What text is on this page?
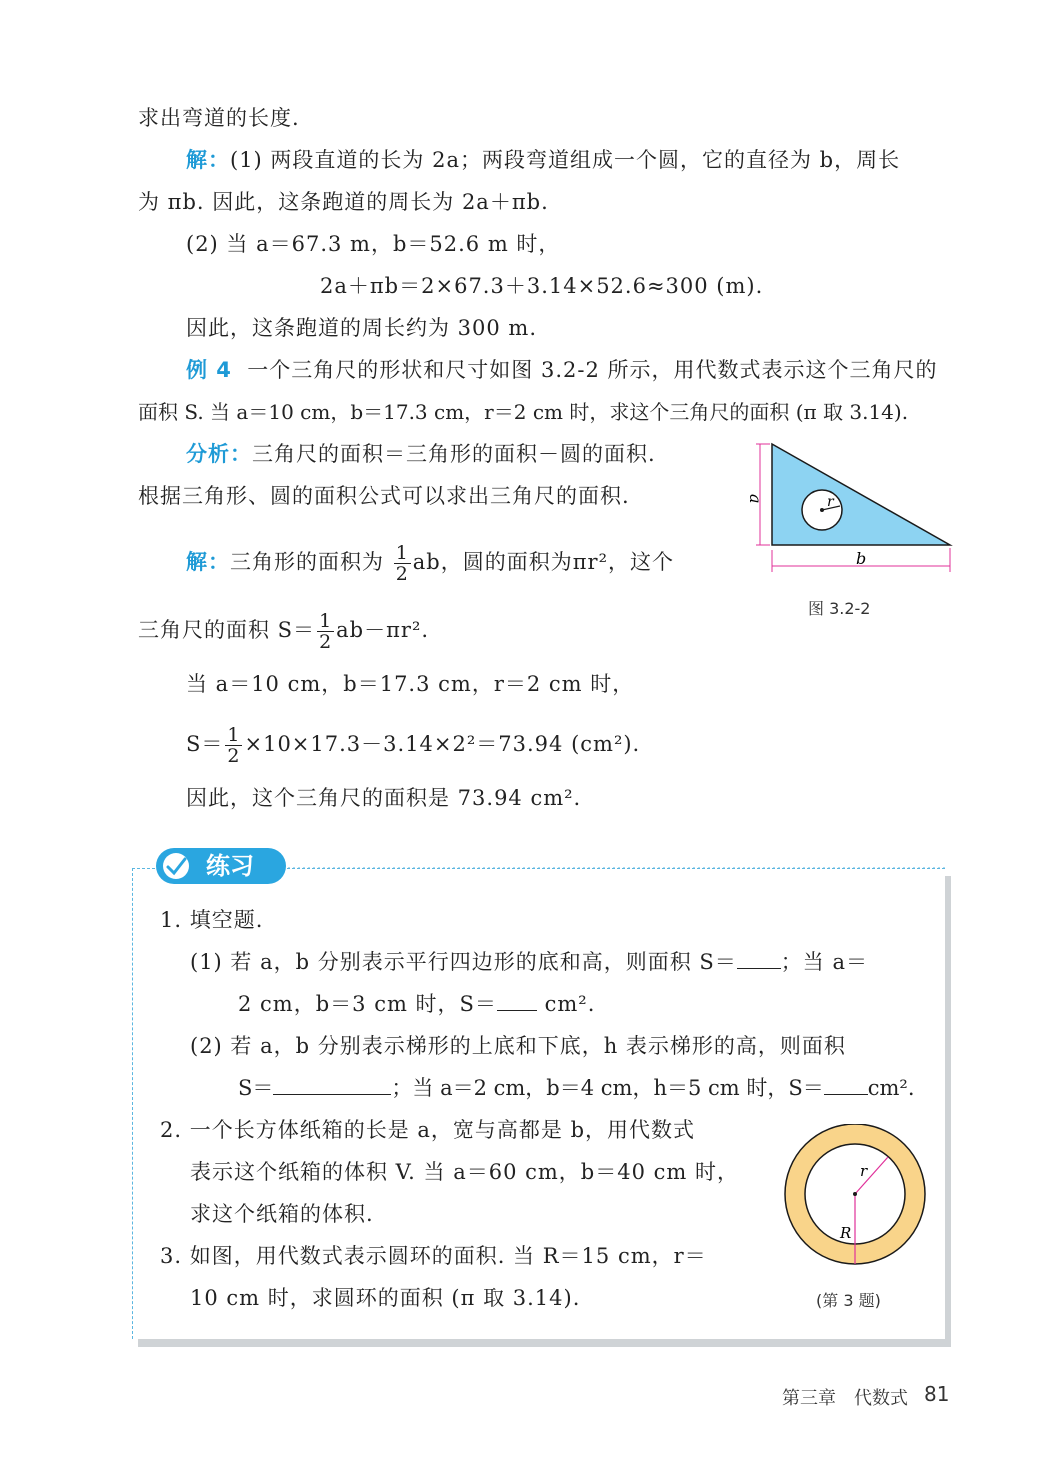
求出弯道的长度.
解：(1) 两段直道的长为 2a；两段弯道组成一个圆，它的直径为 b，周长
为 πb. 因此，这条跑道的周长为 2a＋πb.
(2) 当 a＝67.3 m，b＝52.6 m 时，
2a＋πb＝2×67.3＋3.14×52.6≈300 (m).
因此，这条跑道的周长约为 300 m.
例 4 一个三角尺的形状和尺寸如图 3.2-2 所示，用代数式表示这个三角尺的
面积 S. 当 a＝10 cm，b＝17.3 cm，r＝2 cm 时，求这个三角尺的面积 (π 取 3.14).
分析：三角尺的面积＝三角形的面积－圆的面积.
根据三角形、圆的面积公式可以求出三角尺的面积.
解：三角形的面积为 $\frac{1}{2}$ ab，圆的面积为πr²，这个
三角尺的面积 $S= \frac{1}{2} ab-\pi r^2$.
当 a＝10 cm，b＝17.3 cm，r＝2 cm 时，
$S= \frac{1}{2} \times 10\times 17.3-3.14\times 2^2=73.94$ (cm²).
因此，这个三角尺的面积是 73.94 cm².
a
b
r
图 3.2-2
练习
1. 填空题.
(1) 若 a，b 分别表示平行四边形的底和高，则面积 S＝ ；当 a＝
2 cm，b＝3 cm 时，S＝ cm².
(2) 若 a，b 分别表示梯形的上底和下底，h 表示梯形的高，则面积
S＝	；当 a＝2 cm，b＝4 cm，h＝5 cm 时，S＝ cm².
2. 一个长方体纸箱的长是 a，宽与高都是 b，用代数式
表示这个纸箱的体积 V. 当 a＝60 cm，b＝40 cm 时，
求这个纸箱的体积.
3. 如图，用代数式表示圆环的面积. 当 R＝15 cm，r＝
10 cm 时，求圆环的面积 (π 取 3.14).
r
R
(第 3 题)
第三章　代数式 81
